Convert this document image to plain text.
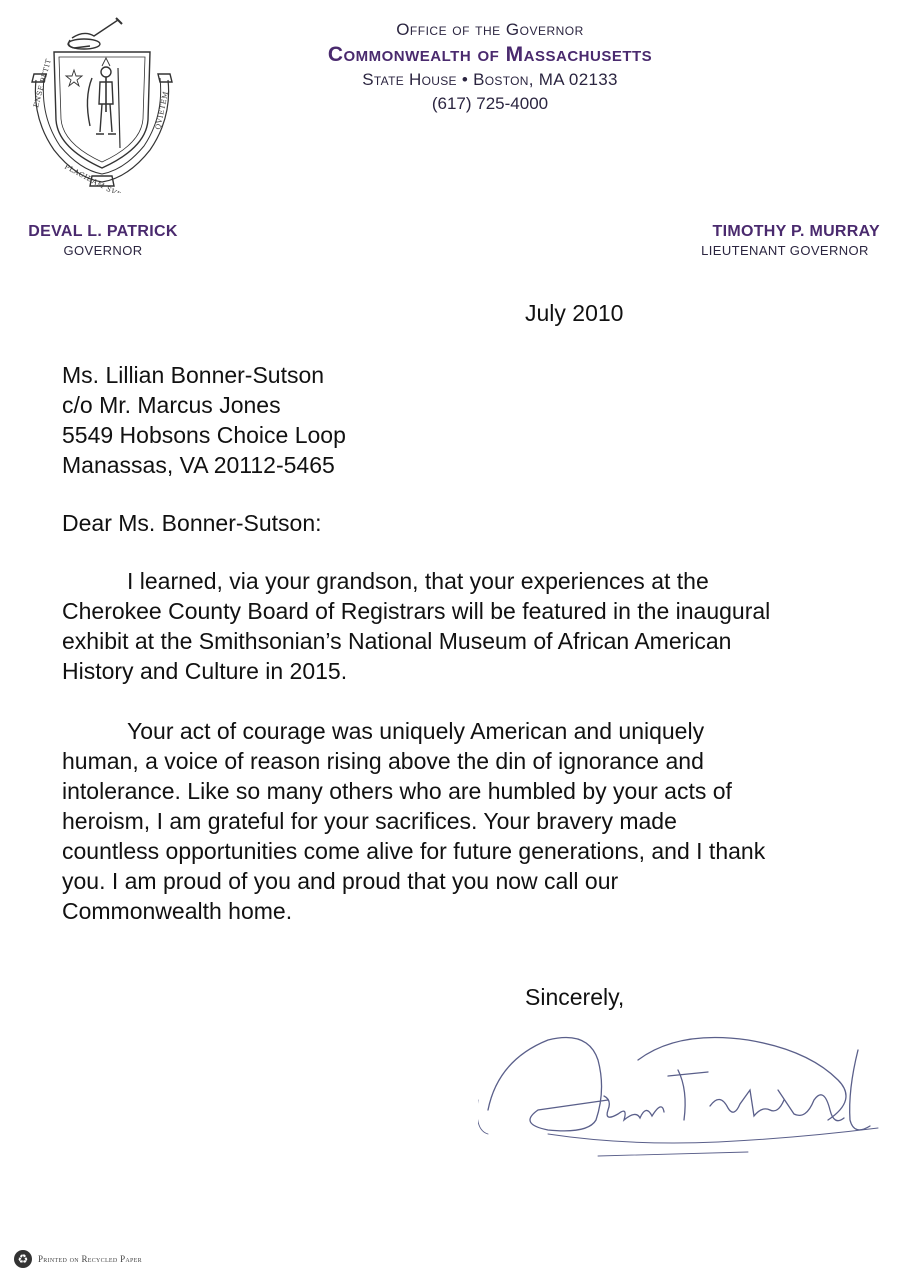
ENSE PETIT
PLACIDAM SVB LIBERTATE
QVIETEM
Office of the Governor
Commonwealth of Massachusetts
State House • Boston, MA 02133
(617) 725-4000
DEVAL L. PATRICK
GOVERNOR
TIMOTHY P. MURRAY
LIEUTENANT GOVERNOR
July 2010
Ms. Lillian Bonner-Sutson
c/o Mr. Marcus Jones
5549 Hobsons Choice Loop
Manassas, VA 20112-5465
Dear Ms. Bonner-Sutson:
I learned, via your grandson, that your experiences at the
Cherokee County Board of Registrars will be featured in the inaugural
exhibit at the Smithsonian’s National Museum of African American
History and Culture in 2015.
Your act of courage was uniquely American and uniquely
human, a voice of reason rising above the din of ignorance and
intolerance. Like so many others who are humbled by your acts of
heroism, I am grateful for your sacrifices. Your bravery made
countless opportunities come alive for future generations, and I thank
you. I am proud of you and proud that you now call our
Commonwealth home.
Sincerely,
♻	Printed on Recycled Paper
